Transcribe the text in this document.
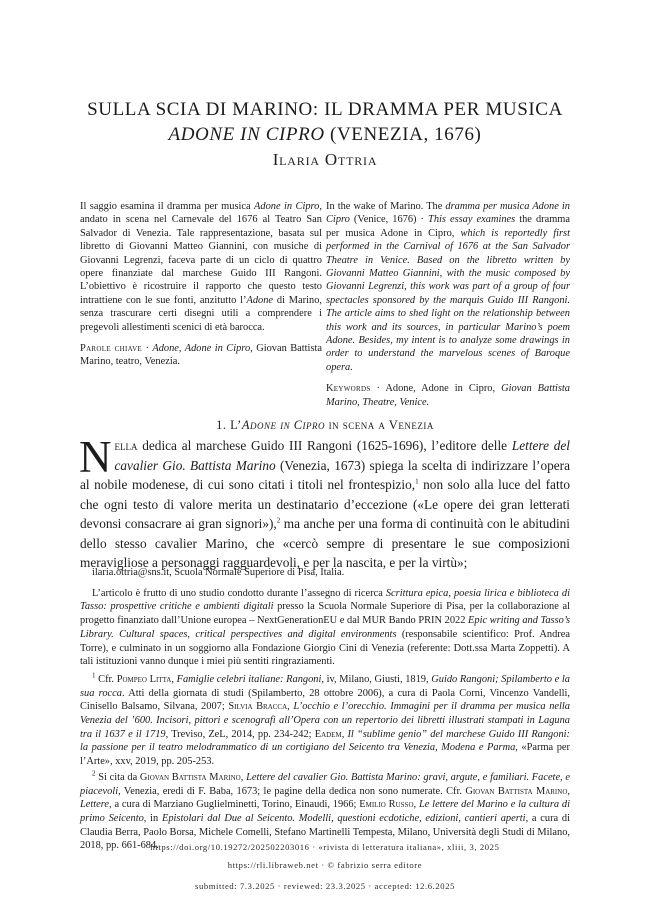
SULLA SCIA DI MARINO: IL DRAMMA PER MUSICA
ADONE IN CIPRO (VENEZIA, 1676)
Ilaria Ottria

Il saggio esamina il dramma per musica Adone in Cipro, andato in scena nel Carnevale del 1676 al Teatro San Salvador di Venezia. Tale rappresentazione, basata sul libretto di Giovanni Matteo Giannini, con musiche di Giovanni Legrenzi, faceva parte di un ciclo di quattro opere finanziate dal marchese Guido III Rangoni. L’obiettivo è ricostruire il rapporto che questo testo intrattiene con le sue fonti, anzitutto l’Adone di Marino, senza trascurare certi disegni utili a comprendere i pregevoli allestimenti scenici di età barocca.

Parole chiave · Adone, Adone in Cipro, Giovan Battista Marino, teatro, Venezia.

In the wake of Marino. The dramma per musica Adone in Cipro (Venice, 1676) · This essay examines the dramma per musica Adone in Cipro, which is reportedly first performed in the Carnival of 1676 at the San Salvador Theatre in Venice. Based on the libretto written by Giovanni Matteo Giannini, with the music composed by Giovanni Legrenzi, this work was part of a group of four spectacles sponsored by the marquis Guido III Rangoni. The article aims to shed light on the relationship between this work and its sources, in particular Marino’s poem Adone. Besides, my intent is to analyze some drawings in order to understand the marvelous scenes of Baroque opera.

Keywords · Adone, Adone in Cipro, Giovan Battista Marino, Theatre, Venice.

1. L’Adone in Cipro in scena a Venezia

Nella dedica al marchese Guido III Rangoni (1625-1696), l’editore delle Lettere del cavalier Gio. Battista Marino (Venezia, 1673) spiega la scelta di indirizzare l’opera al nobile modenese, di cui sono citati i titoli nel frontespizio,$^1$ non solo alla luce del fatto che ogni testo di valore merita un destinatario d’eccezione («Le opere dei gran letterati devonsi consacrare ai gran signori»),$^2$ ma anche per una forma di continuità con le abitudini dello stesso cavalier Marino, che «cercò sempre di presentare le sue composizioni meravigliose a personaggi ragguardevoli, e per la nascita, e per la virtù»;

ilaria.ottria@sns.it, Scuola Normale Superiore di Pisa, Italia.

L’articolo è frutto di uno studio condotto durante l’assegno di ricerca Scrittura epica, poesia lirica e biblioteca di Tasso: prospettive critiche e ambienti digitali presso la Scuola Normale Superiore di Pisa, per la collaborazione al progetto finanziato dall’Unione europea – NextGenerationEU e dal MUR Bando PRIN 2022 Epic writing and Tasso’s Library. Cultural spaces, critical perspectives and digital environments (responsabile scientifico: Prof. Andrea Torre), e culminato in un soggiorno alla Fondazione Giorgio Cini di Venezia (referente: Dott.ssa Marta Zoppetti). A tali istituzioni vanno dunque i miei più sentiti ringraziamenti.

$^1$ Cfr. Pompeo Litta, Famiglie celebri italiane: Rangoni, iv, Milano, Giusti, 1819, Guido Rangoni; Spilamberto e la sua rocca. Atti della giornata di studi (Spilamberto, 28 ottobre 2006), a cura di Paola Corni, Vincenzo Vandelli, Cinisello Balsamo, Silvana, 2007; Silvia Bracca, L’occhio e l’orecchio. Immagini per il dramma per musica nella Venezia del ’600. Incisori, pittori e scenografi all’Opera con un repertorio dei libretti illustrati stampati in Laguna tra il 1637 e il 1719, Treviso, ZeL, 2014, pp. 234-242; Eadem, Il “sublime genio” del marchese Guido III Rangoni: la passione per il teatro melodrammatico di un cortigiano del Seicento tra Venezia, Modena e Parma, «Parma per l’Arte», xxv, 2019, pp. 205-253.

$^2$ Si cita da Giovan Battista Marino, Lettere del cavalier Gio. Battista Marino: gravi, argute, e familiari. Facete, e piacevoli, Venezia, eredi di F. Baba, 1673; le pagine della dedica non sono numerate. Cfr. Giovan Battista Marino, Lettere, a cura di Marziano Guglielminetti, Torino, Einaudi, 1966; Emilio Russo, Le lettere del Marino e la cultura di primo Seicento, in Epistolari dal Due al Seicento. Modelli, questioni ecdotiche, edizioni, cantieri aperti, a cura di Claudia Berra, Paolo Borsa, Michele Comelli, Stefano Martinelli Tempesta, Milano, Università degli Studi di Milano, 2018, pp. 661-684.

https://doi.org/10.19272/202502203016 · «rivista di letteratura italiana», xliii, 3, 2025
https://rli.libraweb.net · © fabrizio serra editore
submitted: 7.3.2025 · reviewed: 23.3.2025 · accepted: 12.6.2025
